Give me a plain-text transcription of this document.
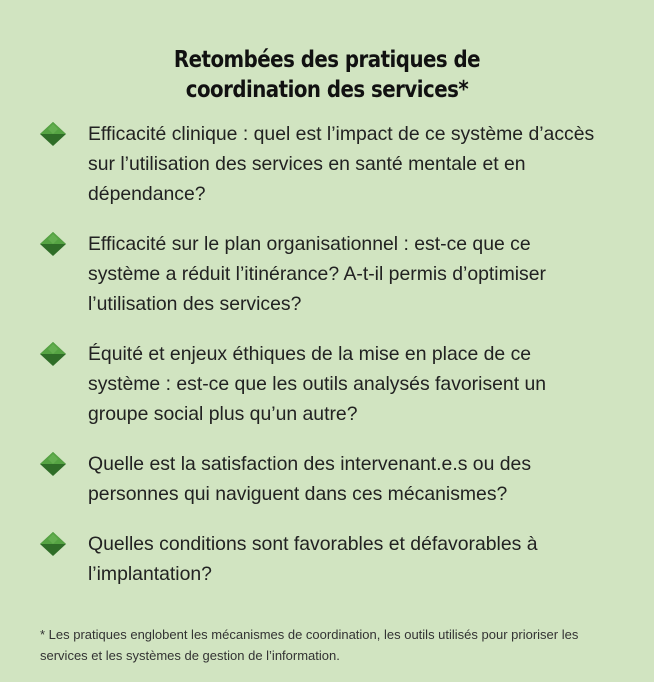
Retombées des pratiques de
coordination des services*
Efficacité clinique : quel est l’impact de ce système d’accès sur l’utilisation des services en santé mentale et en dépendance?
Efficacité sur le plan organisationnel : est-ce que ce système a réduit l’itinérance? A-t-il permis d’optimiser l’utilisation des services?
Équité et enjeux éthiques de la mise en place de ce système : est-ce que les outils analysés favorisent un groupe social plus qu’un autre?
Quelle est la satisfaction des intervenant.e.s ou des personnes qui naviguent dans ces mécanismes?
Quelles conditions sont favorables et défavorables à l’implantation?

* Les pratiques englobent les mécanismes de coordination, les outils utilisés pour prioriser les services et les systèmes de gestion de l’information.
